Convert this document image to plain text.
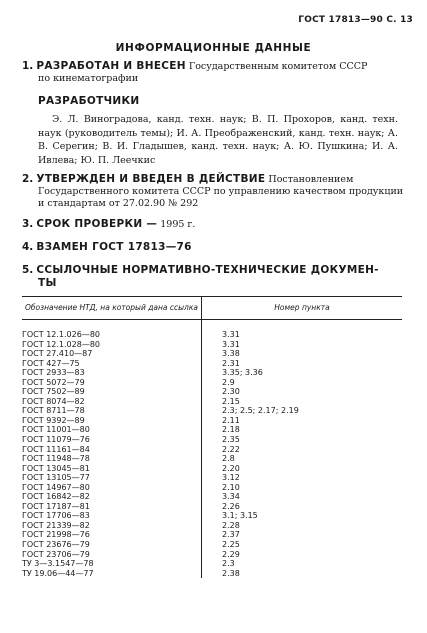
ГОСТ 17813—90 С. 13
ИНФОРМАЦИОННЫЕ ДАННЫЕ
1. РАЗРАБОТАН И ВНЕСЕН Государственным комитетом СССР
по кинематографии
РАЗРАБОТЧИКИ
Э. Л. Виноградова, канд. техн. наук; В. П. Прохоров, канд. техн. наук (руководитель темы); И. А. Преображенский, канд. техн. наук; А. В. Серегин; В. И. Гладышев, канд. техн. наук; А. Ю. Пушкина; И. А. Ивлева; Ю. П. Леечкис
2. УТВЕРЖДЕН И ВВЕДЕН В ДЕЙСТВИЕ Постановлением
Государственного комитета СССР по управлению качеством продукции и стандартам от 27.02.90 № 292
3. СРОК ПРОВЕРКИ — 1995 г.
4. ВЗАМЕН ГОСТ 17813—76
5. ССЫЛОЧНЫЕ НОРМАТИВНО-ТЕХНИЧЕСКИЕ ДОКУМЕН-
ТЫ
Обозначение НТД, на который дана ссылка	Номер пункта
ГОСТ 12.1.026—80	3.31
ГОСТ 12.1.028—80	3.31
ГОСТ 27.410—87	3.38
ГОСТ 427—75	2.31
ГОСТ 2933—83	3.35; 3.36
ГОСТ 5072—79	2.9
ГОСТ 7502—89	2.30
ГОСТ 8074—82	2.15
ГОСТ 8711—78	2.3; 2.5; 2.17; 2.19
ГОСТ 9392—89	2.11
ГОСТ 11001—80	2.18
ГОСТ 11079—76	2.35
ГОСТ 11161—84	2.22
ГОСТ 11948—78	2.8
ГОСТ 13045—81	2.20
ГОСТ 13105—77	3.12
ГОСТ 14967—80	2.10
ГОСТ 16842—82	3.34
ГОСТ 17187—81	2.26
ГОСТ 17706—83	3.1; 3.15
ГОСТ 21339—82	2.28
ГОСТ 21998—76	2.37
ГОСТ 23676—79	2.25
ГОСТ 23706—79	2.29
ТУ 3—3.1547—78	2.3
ТУ 19.06—44—77	2.38
